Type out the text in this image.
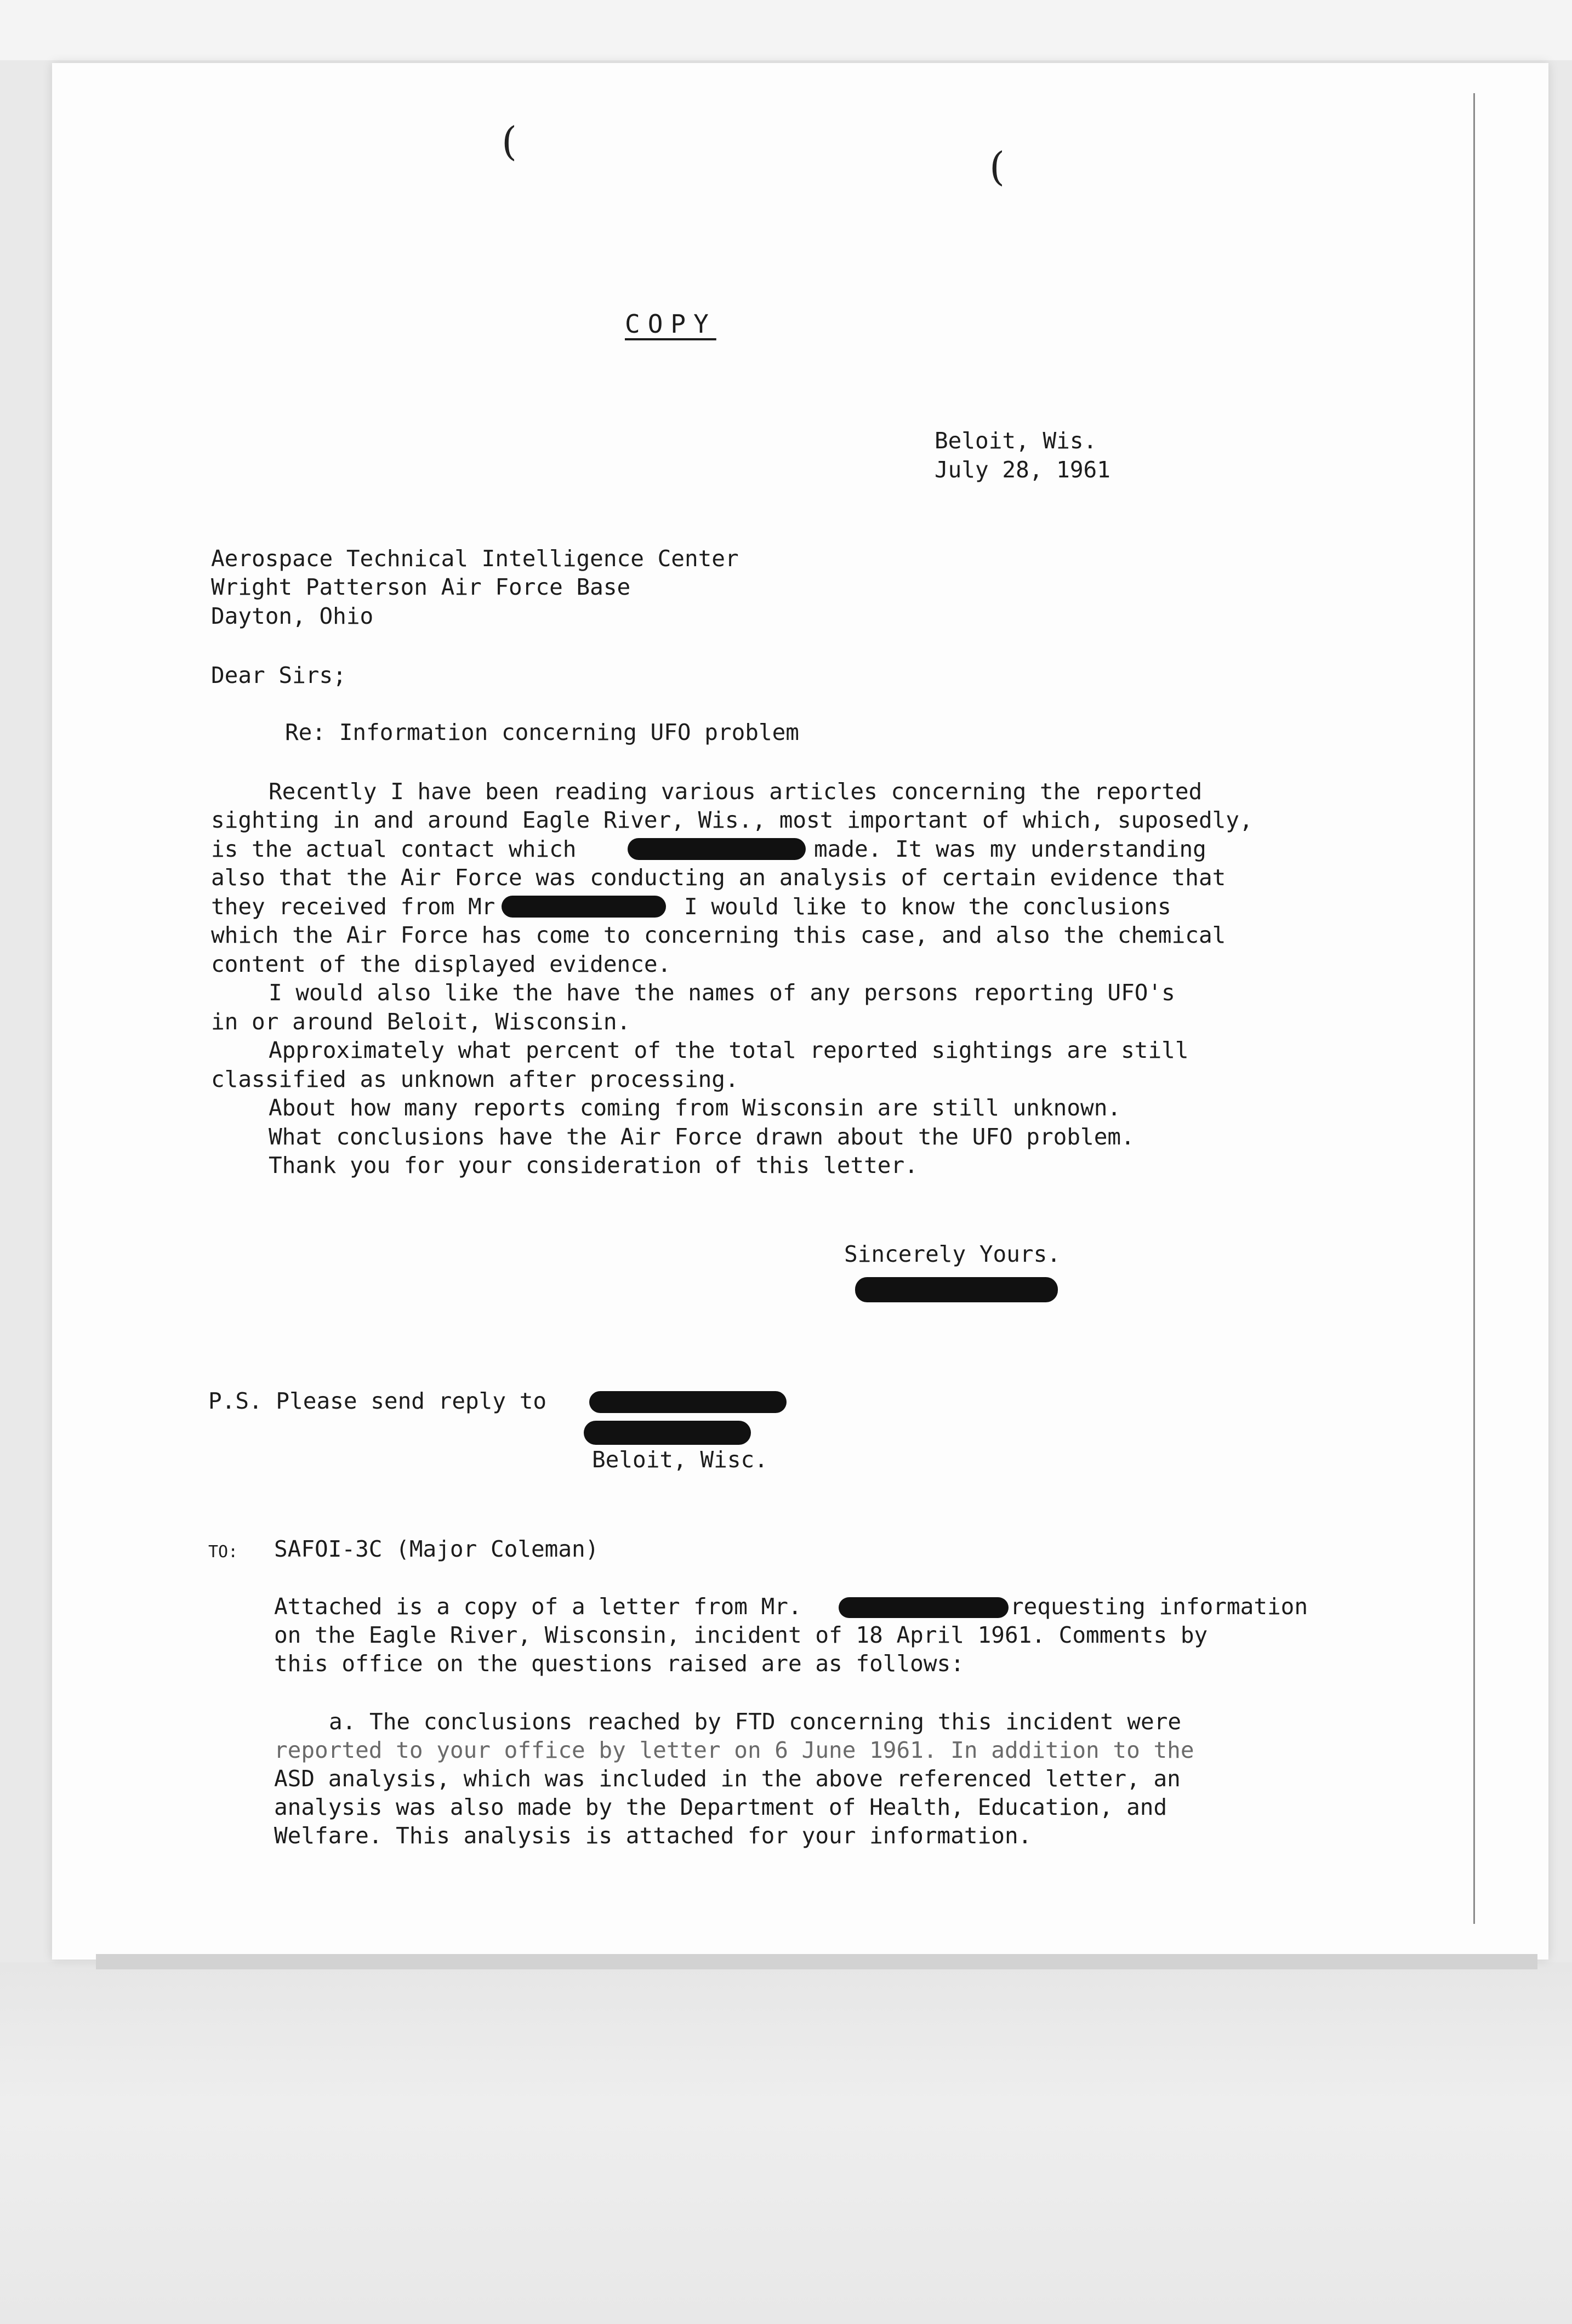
(
(

COPY

Beloit, Wis.

July 28, 1961

Aerospace Technical Intelligence Center

Wright Patterson Air Force Base

Dayton, Ohio

Dear Sirs;

Re: Information concerning UFO problem

Recently I have been reading various articles concerning the reported

sighting in and around Eagle River, Wis., most important of which, suposedly,

is the actual contact which	made. It was my understanding

also that the Air Force was conducting an analysis of certain evidence that

they received from Mr	I would like to know the conclusions

which the Air Force has come to concerning this case, and also the chemical

content of the displayed evidence.

I would also like the have the names of any persons reporting UFO's

in or around Beloit, Wisconsin.

Approximately what percent of the total reported sightings are still

classified as unknown after processing.

About how many reports coming from Wisconsin are still unknown.

What conclusions have the Air Force drawn about the UFO problem.

Thank you for your consideration of this letter.

Sincerely Yours.

P.S. Please send reply to

Beloit, Wisc.

TO: SAFOI-3C (Major Coleman)

Attached is a copy of a letter from Mr.	requesting information

on the Eagle River, Wisconsin, incident of 18 April 1961. Comments by

this office on the questions raised are as follows:

a. The conclusions reached by FTD concerning this incident were

reported to your office by letter on 6 June 1961. In addition to the

ASD analysis, which was included in the above referenced letter, an

analysis was also made by the Department of Health, Education, and

Welfare. This analysis is attached for your information.
